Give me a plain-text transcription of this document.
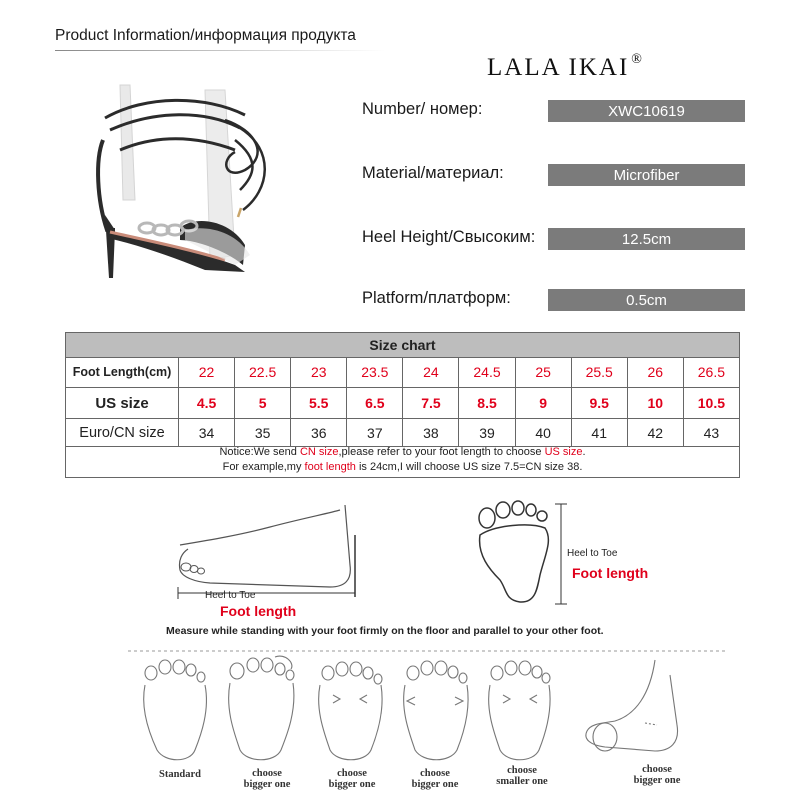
Product Information/информация продукта
LALA IKAI ®
Number/ номер:	XWC10619
Material/материал:	Microfiber
Heel Height/Свысоким:	12.5cm
Platform/платформ:	0.5cm
Size chart
Foot Length(cm)	22	22.5	23	23.5	24	24.5	25	25.5	26	26.5
US size	4.5	5	5.5	6.5	7.5	8.5	9	9.5	10	10.5
Euro/CN size	34	35	36	37	38	39	40	41	42	43
Notice:We send CN size,please refer to your foot length to choose US size.
For example,my foot length is 24cm,I will choose US size 7.5=CN size 38.
Heel to Toe
Foot length
Heel to Toe
Foot length
Measure while standing with your foot firmly on the floor and parallel to your other foot.
Standard	choose
bigger one
choose
bigger one
choose
bigger one
choose
smaller one
choose
bigger one
